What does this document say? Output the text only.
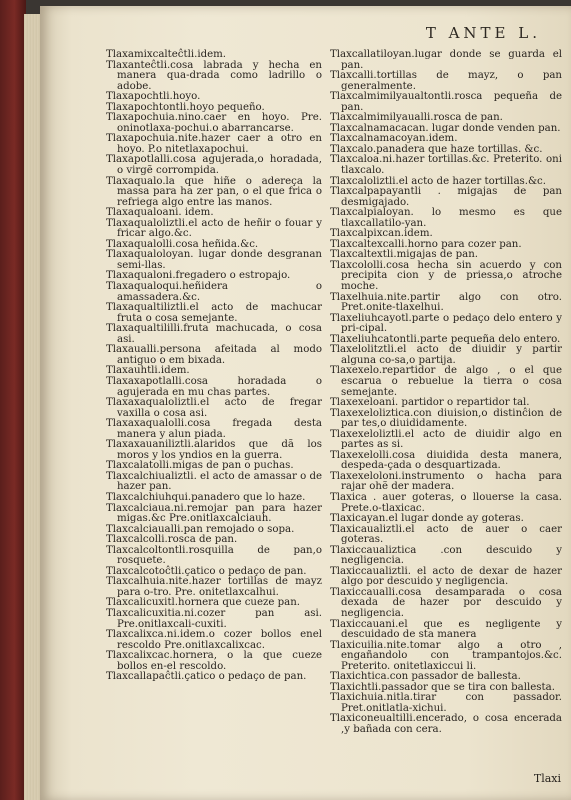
T ANTE L.

Tlaxamixcalteĉtli.idem.

Tlaxanteĉtli.cosa labrada y hecha en manera qua-drada como ladrillo o adobe.

Tlaxapochtli.hoyo.

Tlaxapochtontli.hoyo pequeño.

Tlaxapochuia.nino.caer en hoyo. Pre. oninotlaxa-pochui.o abarrancarse.

Tlaxapochuia.nite.hazer caer a otro en hoyo. P.o nitetlaxapochui.

Tlaxapotlalli.cosa agujerada,o horadada, o virgẽ corrompida.

Tlaxaqualo.la que hiñe o adereça la massa para ha zer pan, o el que frica o refriega algo entre las manos.

Tlaxaqualoani. idem.

Tlaxaqualoliztli.el acto de heñir o fouar y fricar algo.&c.

Tlaxaqualolli.cosa heñida.&c.

Tlaxaqualoloyan. lugar donde desgranan semi-llas.

Tlaxaqualoni.fregadero o estropajo.

Tlaxaqualoqui.heñidera o amassadera.&c.

Tlaxaqualtiliztli.el acto de machucar fruta o cosa semejante.

Tlaxaqualtililli.fruta machucada, o cosa asi.

Tlaxaualli.persona afeitada al modo antiguo o em bixada.

Tlaxauhtli.idem.

Tlaxaxapotlalli.cosa horadada o agujerada en mu chas partes.

Tlaxaxaqualoliztli.el acto de fregar vaxilla o cosa asi.

Tlaxaxaqualolli.cosa fregada desta manera y alun piada.

Tlaxaxauaniliztli.alaridos que dã los moros y los yndios en la guerra.

Tlaxcalatolli.migas de pan o puchas.

Tlaxcalchiualiztli. el acto de amassar o de hazer pan.

Tlaxcalchiuhqui.panadero que lo haze.

Tlaxcalciaua.ni.remojar pan para hazer migas.&c Pre.onitlaxcalciauh.

Tlaxcalciaualli.pan remojado o sopa.

Tlaxcalcolli.rosca de pan.

Tlaxcalcoltontli.rosquilla de pan,o rosquete.

Tlaxcalcotoĉtli.çatico o pedaço de pan.

Tlaxcalhuia.nite.hazer tortillas de mayz para o-tro. Pre. onitetlaxcalhui.

Tlaxcalicuxitl.hornera que cueze pan.

Tlaxcalicuxitia.ni.cozer pan asi. Pre.onitlaxcali-cuxiti.

Tlaxcalixca.ni.idem.o cozer bollos enel rescoldo Pre.onitlaxcalixcac.

Tlaxcalixcac.hornera, o la que cueze bollos en-el rescoldo.

Tlaxcallapaĉtli.çatico o pedaço de pan.

Tlaxcallatiloyan.lugar donde se guarda el pan.

Tlaxcalli.tortillas de mayz, o pan generalmente.

Tlaxcalmimilyaualtontli.rosca pequeña de pan.

Tlaxcalmimilyaualli.rosca de pan.

Tlaxcalnamacacan. lugar donde venden pan.

Tlaxcalnamacoyan.idem.

Tlaxcalo.panadera que haze tortillas. &c.

Tlaxcaloa.ni.hazer tortillas.&c. Preterito. oni tlaxcalo.

Tlaxcaloliztli.el acto de hazer tortillas.&c.

Tlaxcalpapayantli . migajas de pan desmigajado.

Tlaxcalpialoyan. lo mesmo es que tlaxcallatilo-yan.

Tlaxcalpixcan.idem.

Tlaxcaltexcalli.horno para cozer pan.

Tlaxcaltextli.migajas de pan.

Tlaxcololli.cosa hecha sin acuerdo y con precipita cion y de priessa,o atroche moche.

Tlaxelhuia.nite.partir algo con otro. Pret.onite-tlaxelhui.

Tlaxeliuhcayotl.parte o pedaço delo entero y pri-cipal.

Tlaxeliuhcatontli.parte pequeña delo entero.

Tlaxelolitztli.el acto de diuidir y partir alguna co-sa,o partija.

Tlaxexelo.repartidor de algo , o el que escarua o rebuelue la tierra o cosa semejante.

Tlaxexeloani. partidor o repartidor tal.

Tlaxexeloliztica.con diuision,o distinĉion de par tes,o diuididamente.

Tlaxexeloliztli.el acto de diuidir algo en partes as si.

Tlaxexelolli.cosa diuidida desta manera, despeda-çada o desquartizada.

Tlaxexeloloni.instrumento o hacha para rajar ohẽ der madera.

Tlaxica . auer goteras, o llouerse la casa. Prete.o-tlaxicac.

Tlaxicayan.el lugar donde ay goteras.

Tlaxicaualiztli.el acto de auer o caer goteras.

Tlaxiccaualiztica .con descuido y negligencia.

Tlaxiccaualiztli. el acto de dexar de hazer algo por descuido y negligencia.

Tlaxiccaualli.cosa desamparada o cosa dexada de hazer por descuido y negligencia.

Tlaxiccauani.el que es negligente y descuidado de sta manera

Tlaxicuilia.nite.tomar algo a otro , engañandolo con trampantojos.&c. Preterito. onitetlaxiccui li.

Tlaxichtica.con passador de ballesta.

Tlaxichtli.passador que se tira con ballesta.

Tlaxichuia.nitla.tirar con passador. Pret.onitlatla-xichui.

Tlaxiconeualtilli.encerado, o cosa encerada ,y bañada con cera.

Tlaxi
